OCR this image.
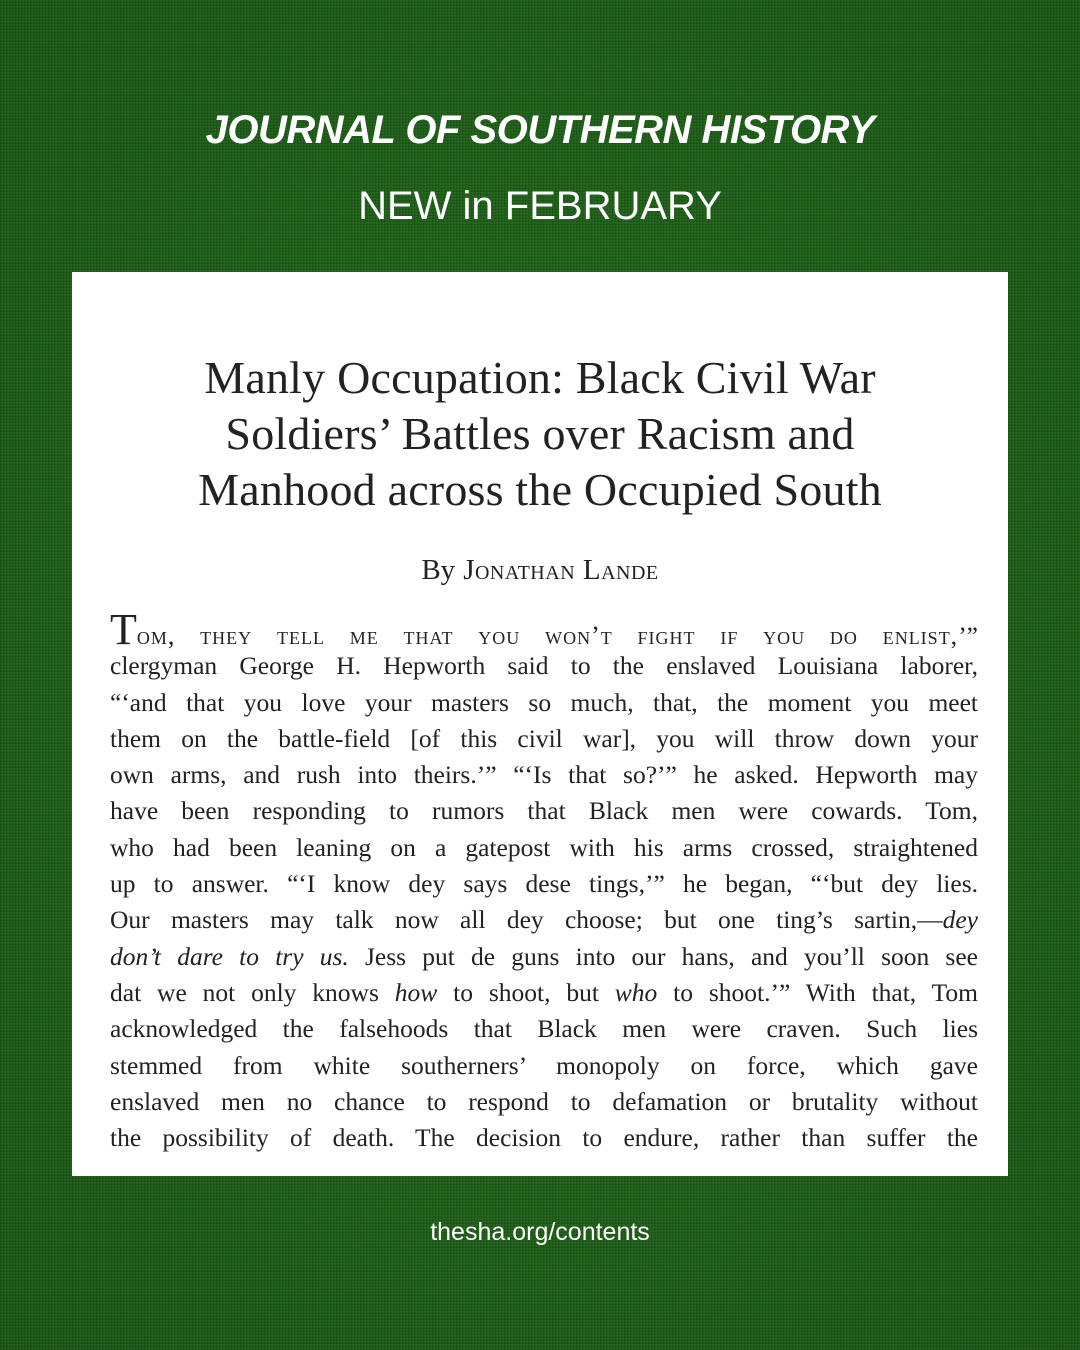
JOURNAL OF SOUTHERN HISTORY
NEW in FEBRUARY
Manly Occupation: Black Civil War
Soldiers’ Battles over Racism and
Manhood across the Occupied South
By Jonathan Lande
Tom, they tell me that you won’t fight if you do enlist,’”
clergyman George H. Hepworth said to the enslaved Louisiana laborer,
“‘and that you love your masters so much, that, the moment you meet
them on the battle-field [of this civil war], you will throw down your
own arms, and rush into theirs.’” “‘Is that so?’” he asked. Hepworth may
have been responding to rumors that Black men were cowards. Tom,
who had been leaning on a gatepost with his arms crossed, straightened
up to answer. “‘I know dey says dese tings,’” he began, “‘but dey lies.
Our masters may talk now all dey choose; but one ting’s sartin,—dey
don’t dare to try us. Jess put de guns into our hans, and you’ll soon see
dat we not only knows how to shoot, but who to shoot.’” With that, Tom
acknowledged the falsehoods that Black men were craven. Such lies
stemmed from white southerners’ monopoly on force, which gave
enslaved men no chance to respond to defamation or brutality without
the possibility of death. The decision to endure, rather than suffer the
thesha.org/contents
